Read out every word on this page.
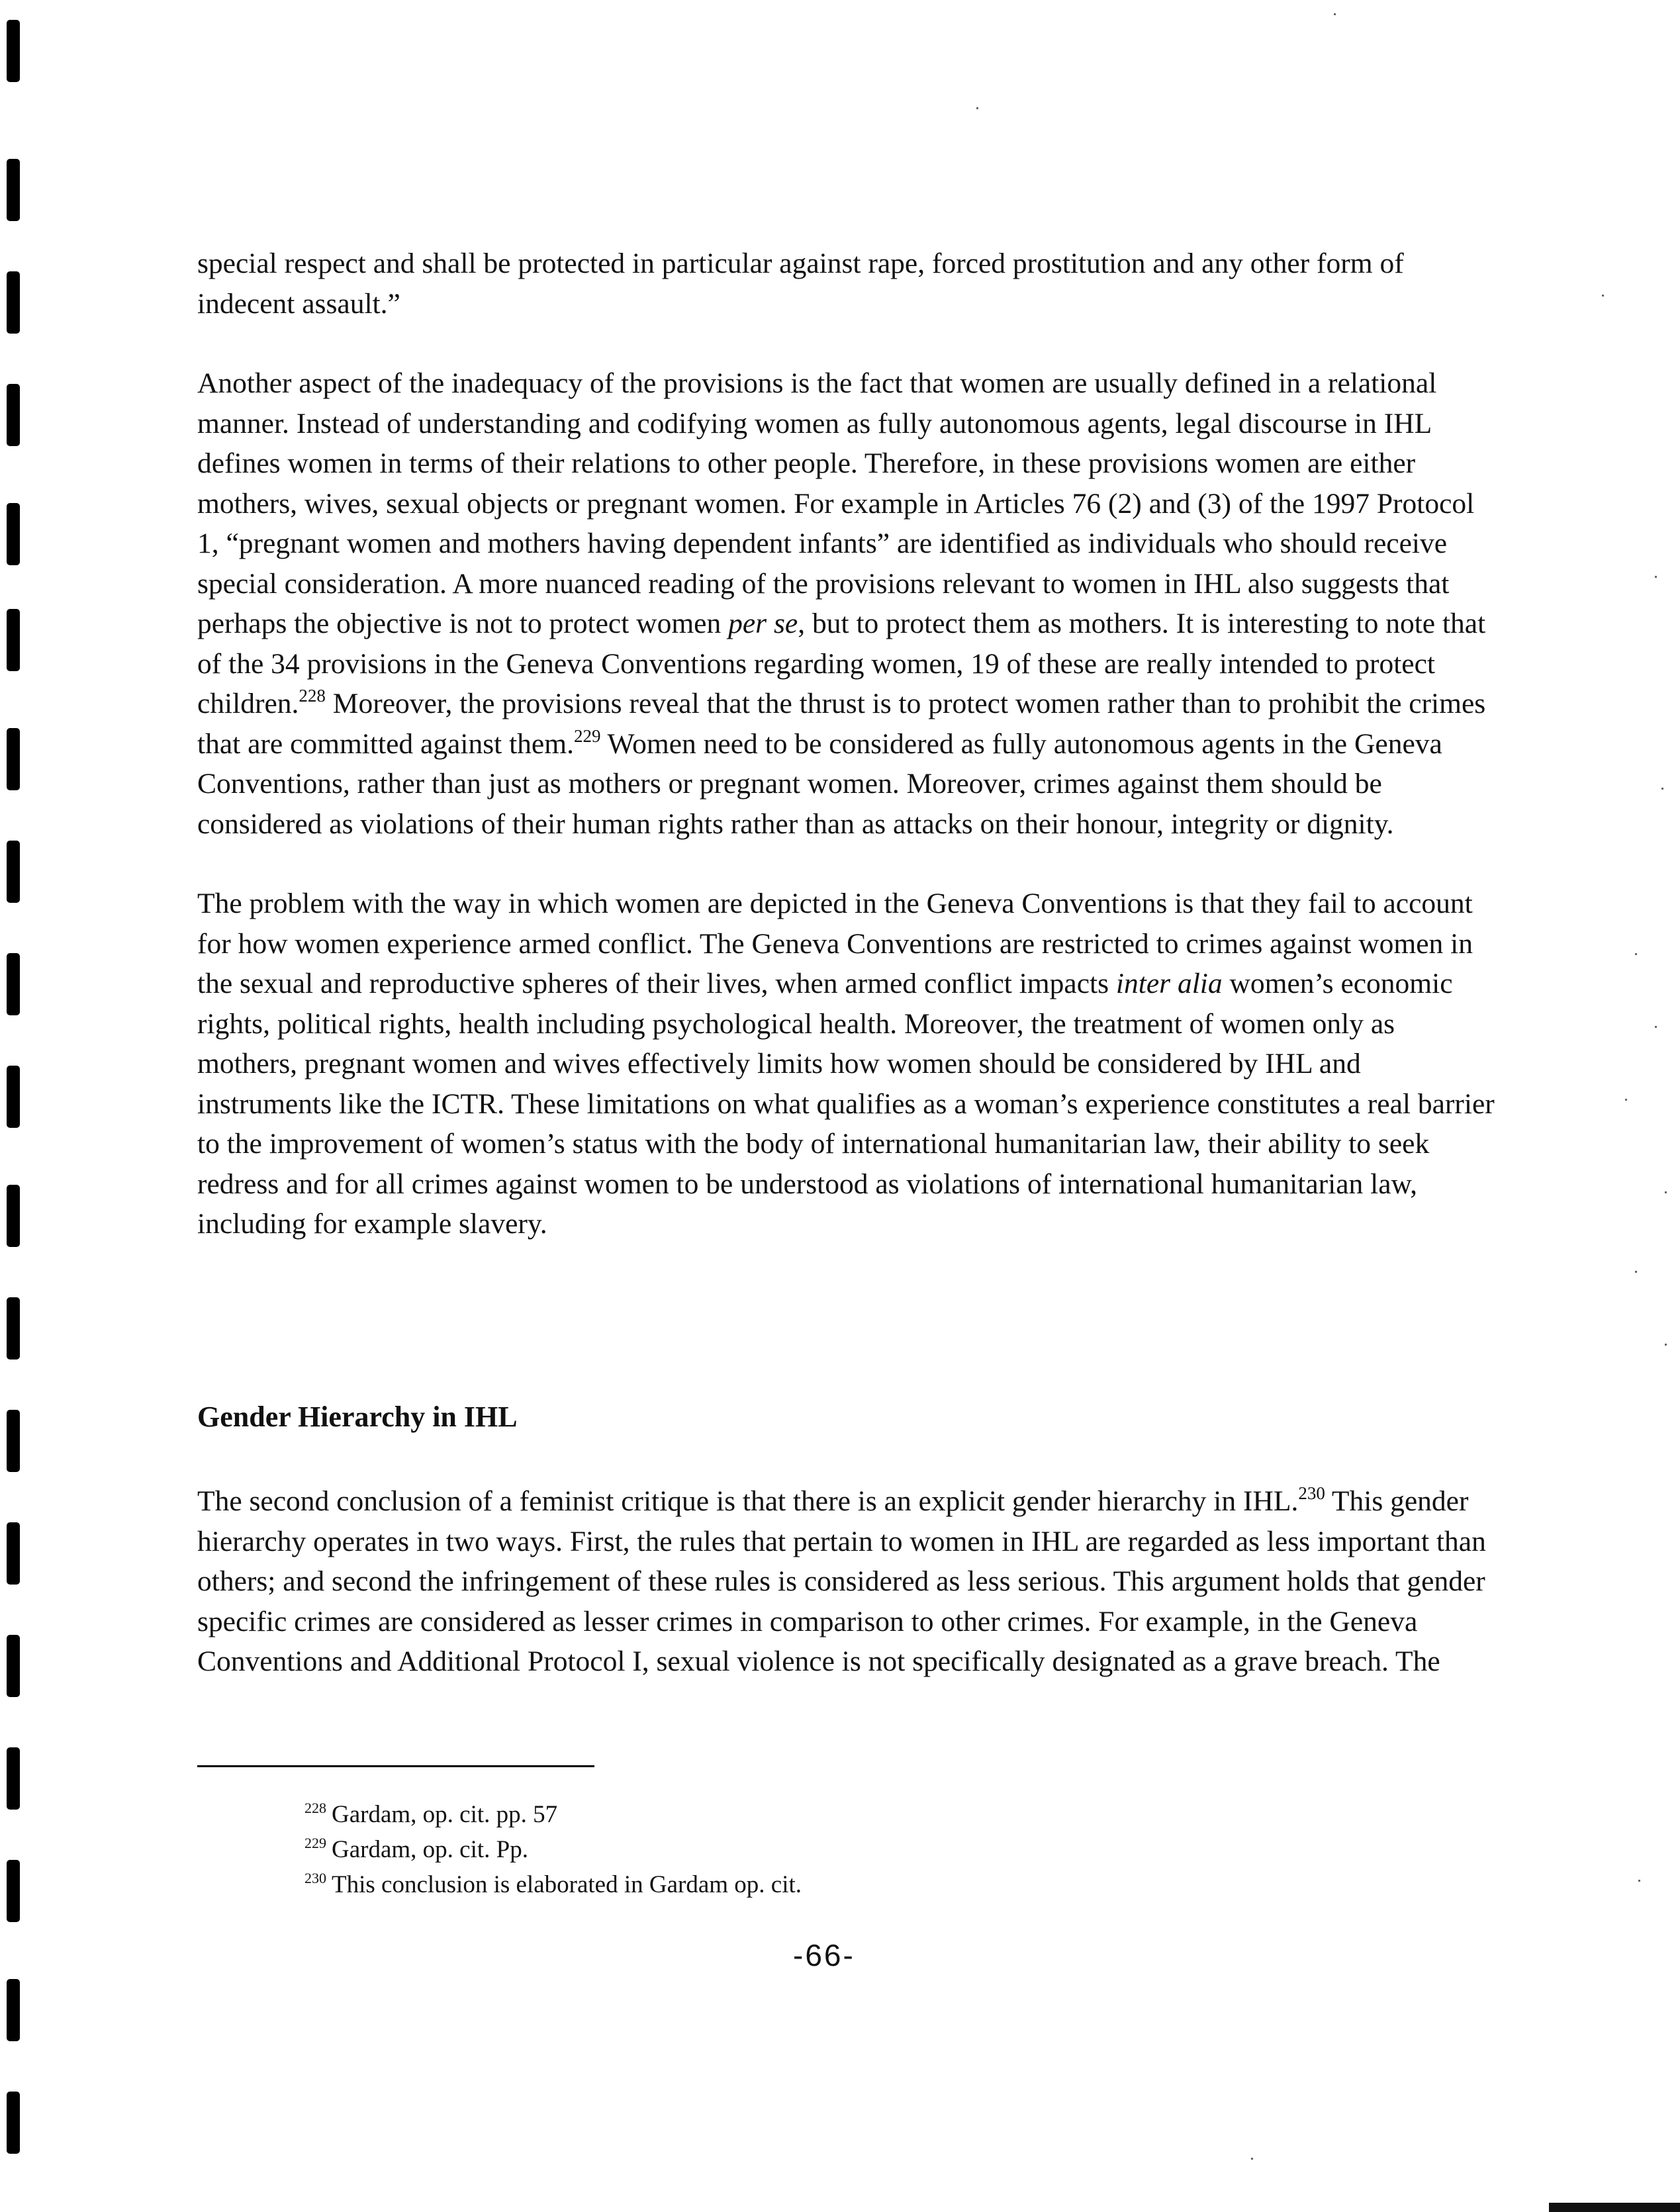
special respect and shall be protected in particular against rape, forced prostitution and any other form of indecent assault.”

Another aspect of the inadequacy of the provisions is the fact that women are usually defined in a relational manner. Instead of understanding and codifying women as fully autonomous agents, legal discourse in IHL defines women in terms of their relations to other people. Therefore, in these provisions women are either mothers, wives, sexual objects or pregnant women. For example in Articles 76 (2) and (3) of the 1997 Protocol 1, “pregnant women and mothers having dependent infants” are identified as individuals who should receive special consideration. A more nuanced reading of the provisions relevant to women in IHL also suggests that perhaps the objective is not to protect women per se, but to protect them as mothers. It is interesting to note that of the 34 provisions in the Geneva Conventions regarding women, 19 of these are really intended to protect children.$^{228}$ Moreover, the provisions reveal that the thrust is to protect women rather than to prohibit the crimes that are committed against them.$^{229}$ Women need to be considered as fully autonomous agents in the Geneva Conventions, rather than just as mothers or pregnant women. Moreover, crimes against them should be considered as violations of their human rights rather than as attacks on their honour, integrity or dignity.

The problem with the way in which women are depicted in the Geneva Conventions is that they fail to account for how women experience armed conflict. The Geneva Conventions are restricted to crimes against women in the sexual and reproductive spheres of their lives, when armed conflict impacts inter alia women’s economic rights, political rights, health including psychological health. Moreover, the treatment of women only as mothers, pregnant women and wives effectively limits how women should be considered by IHL and instruments like the ICTR. These limitations on what qualifies as a woman’s experience constitutes a real barrier to the improvement of women’s status with the body of international humanitarian law, their ability to seek redress and for all crimes against women to be understood as violations of international humanitarian law, including for example slavery.

Gender Hierarchy in IHL

The second conclusion of a feminist critique is that there is an explicit gender hierarchy in IHL.$^{230}$ This gender hierarchy operates in two ways. First, the rules that pertain to women in IHL are regarded as less important than others; and second the infringement of these rules is considered as less serious. This argument holds that gender specific crimes are considered as lesser crimes in comparison to other crimes. For example, in the Geneva Conventions and Additional Protocol I, sexual violence is not specifically designated as a grave breach. The

$^{228}$ Gardam, op. cit. pp. 57
$^{229}$ Gardam, op. cit. Pp.
$^{230}$ This conclusion is elaborated in Gardam op. cit.
-66-
